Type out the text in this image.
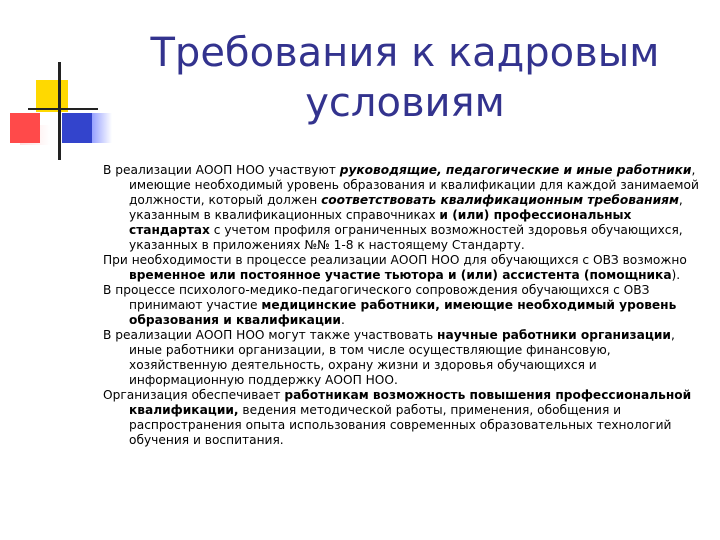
Требования к кадровым
условиям

В реализации АООП НОО участвуют руководящие, педагогические и иные работники, имеющие необходимый уровень образования и квалификации для каждой занимаемой должности, который должен соответствовать квалификационным требованиям, указанным в квалификационных справочниках и (или) профессиональных стандартах с учетом профиля ограниченных возможностей здоровья обучающихся, указанных в приложениях №№ 1-8 к настоящему Стандарту.

При необходимости в процессе реализации АООП НОО для обучающихся с ОВЗ возможно временное или постоянное участие тьютора и (или) ассистента (помощника).

В процессе психолого-медико-педагогического сопровождения обучающихся с ОВЗ принимают участие медицинские работники, имеющие необходимый уровень образования и квалификации.

В реализации АООП НОО могут также участвовать научные работники организации, иные работники организации, в том числе осуществляющие финансовую, хозяйственную деятельность, охрану жизни и здоровья обучающихся и информационную поддержку АООП НОО.

Организация обеспечивает работникам возможность повышения профессиональной квалификации, ведения методической работы, применения, обобщения и распространения опыта использования современных образовательных технологий обучения и воспитания.
